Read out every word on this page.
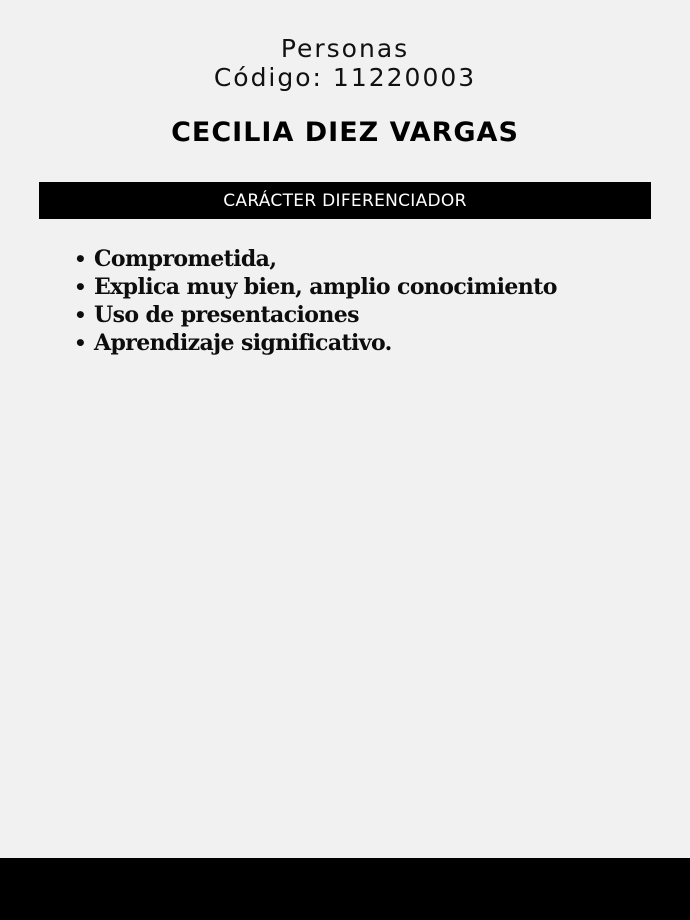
Personas
Código: 11220003
CECILIA DIEZ VARGAS
CARÁCTER DIFERENCIADOR
• Comprometida,
• Explica muy bien, amplio conocimiento
• Uso de presentaciones
• Aprendizaje significativo.
